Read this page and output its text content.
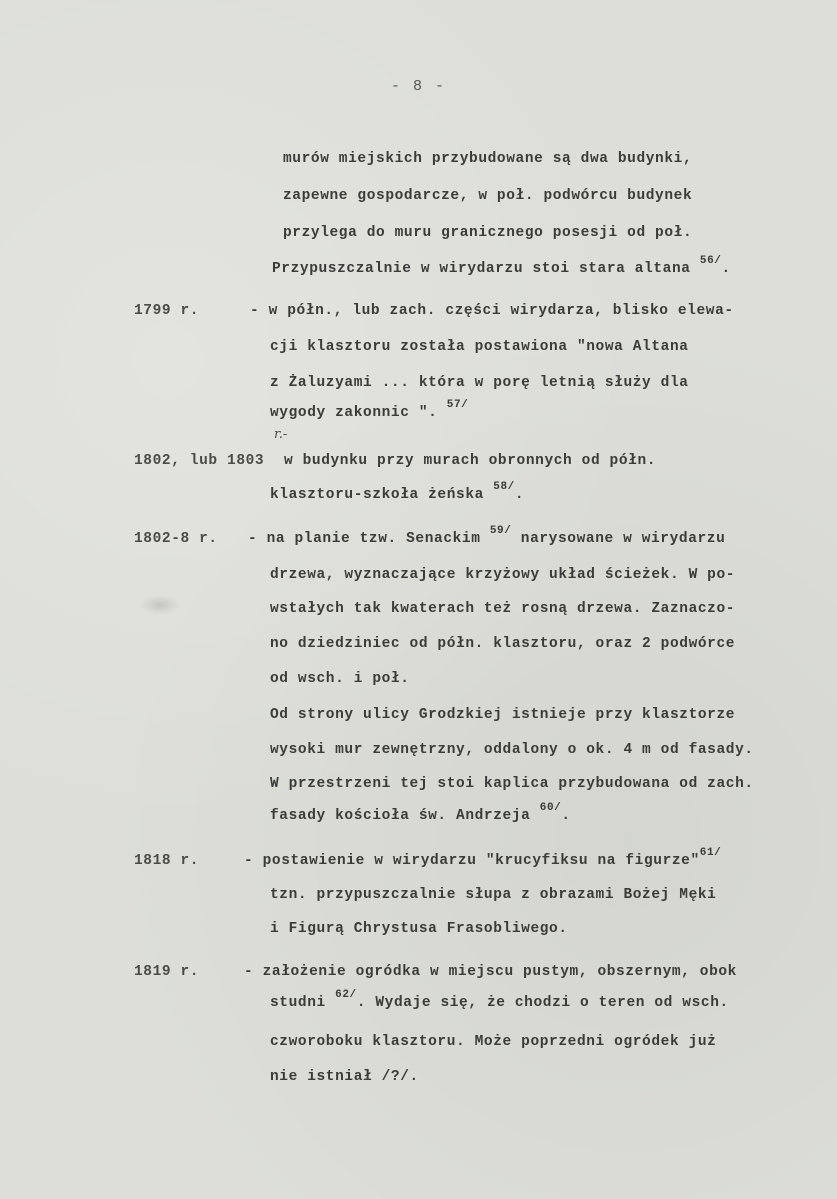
- 8 -
murów miejskich przybudowane są dwa budynki,
zapewne gospodarcze, w poł. podwórcu budynek
przylega do muru granicznego posesji od poł.
Przypuszczalnie w wirydarzu stoi stara altana $^{56/}$.
1799 r.	- w półn., lub zach. części wirydarza, blisko elewa-
cji klasztoru została postawiona "nowa Altana
z Żaluzyami ... która w porę letnią służy dla
wygody zakonnic ". $^{57/}$
r.-
1802, lub 1803 w budynku przy murach obronnych od półn.
klasztoru-szkoła żeńska $^{58/}$.
1802-8 r. - na planie tzw. Senackim $^{59/}$ narysowane w wirydarzu
drzewa, wyznaczające krzyżowy układ ścieżek. W po-
wstałych tak kwaterach też rosną drzewa. Zaznaczo-
no dziedziniec od półn. klasztoru, oraz 2 podwórce
od wsch. i poł.
Od strony ulicy Grodzkiej istnieje przy klasztorze
wysoki mur zewnętrzny, oddalony o ok. 4 m od fasady.
W przestrzeni tej stoi kaplica przybudowana od zach.
fasady kościoła św. Andrzeja $^{60/}$.
1818 r.	- postawienie w wirydarzu "krucyfiksu na figurze"$^{61/}$
tzn. przypuszczalnie słupa z obrazami Bożej Męki
i Figurą Chrystusa Frasobliwego.
1819 r.	- założenie ogródka w miejscu pustym, obszernym, obok
studni $^{62/}$. Wydaje się, że chodzi o teren od wsch.
czworoboku klasztoru. Może poprzedni ogródek już
nie istniał /?/.
